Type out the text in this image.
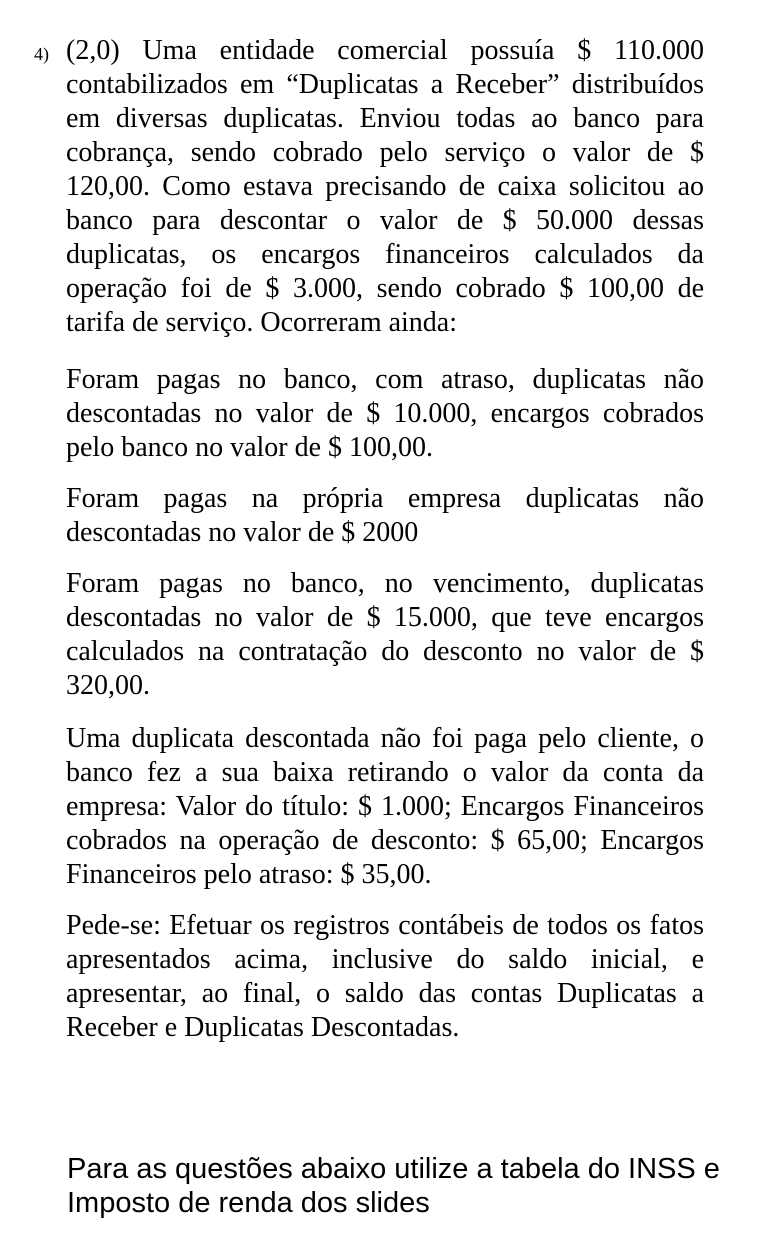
4) (2,0) Uma entidade comercial possuía $ 110.000 contabilizados em “Duplicatas a Receber” distribuídos em diversas duplicatas. Enviou todas ao banco para cobrança, sendo cobrado pelo serviço o valor de $ 120,00. Como estava precisando de caixa solicitou ao banco para descontar o valor de $ 50.000 dessas duplicatas, os encargos financeiros calculados da operação foi de $ 3.000, sendo cobrado $ 100,00 de tarifa de serviço. Ocorreram ainda:

Foram pagas no banco, com atraso, duplicatas não descontadas no valor de $ 10.000, encargos cobrados pelo banco no valor de $ 100,00.

Foram pagas na própria empresa duplicatas não descontadas no valor de $ 2000

Foram pagas no banco, no vencimento, duplicatas descontadas no valor de $ 15.000, que teve encargos calculados na contratação do desconto no valor de $ 320,00.

Uma duplicata descontada não foi paga pelo cliente, o banco fez a sua baixa retirando o valor da conta da empresa: Valor do título: $ 1.000; Encargos Financeiros cobrados na operação de desconto: $ 65,00; Encargos Financeiros pelo atraso: $ 35,00.

Pede-se: Efetuar os registros contábeis de todos os fatos apresentados acima, inclusive do saldo inicial, e apresentar, ao final, o saldo das contas Duplicatas a Receber e Duplicatas Descontadas.

Para as questões abaixo utilize a tabela do INSS e Imposto de renda dos slides
